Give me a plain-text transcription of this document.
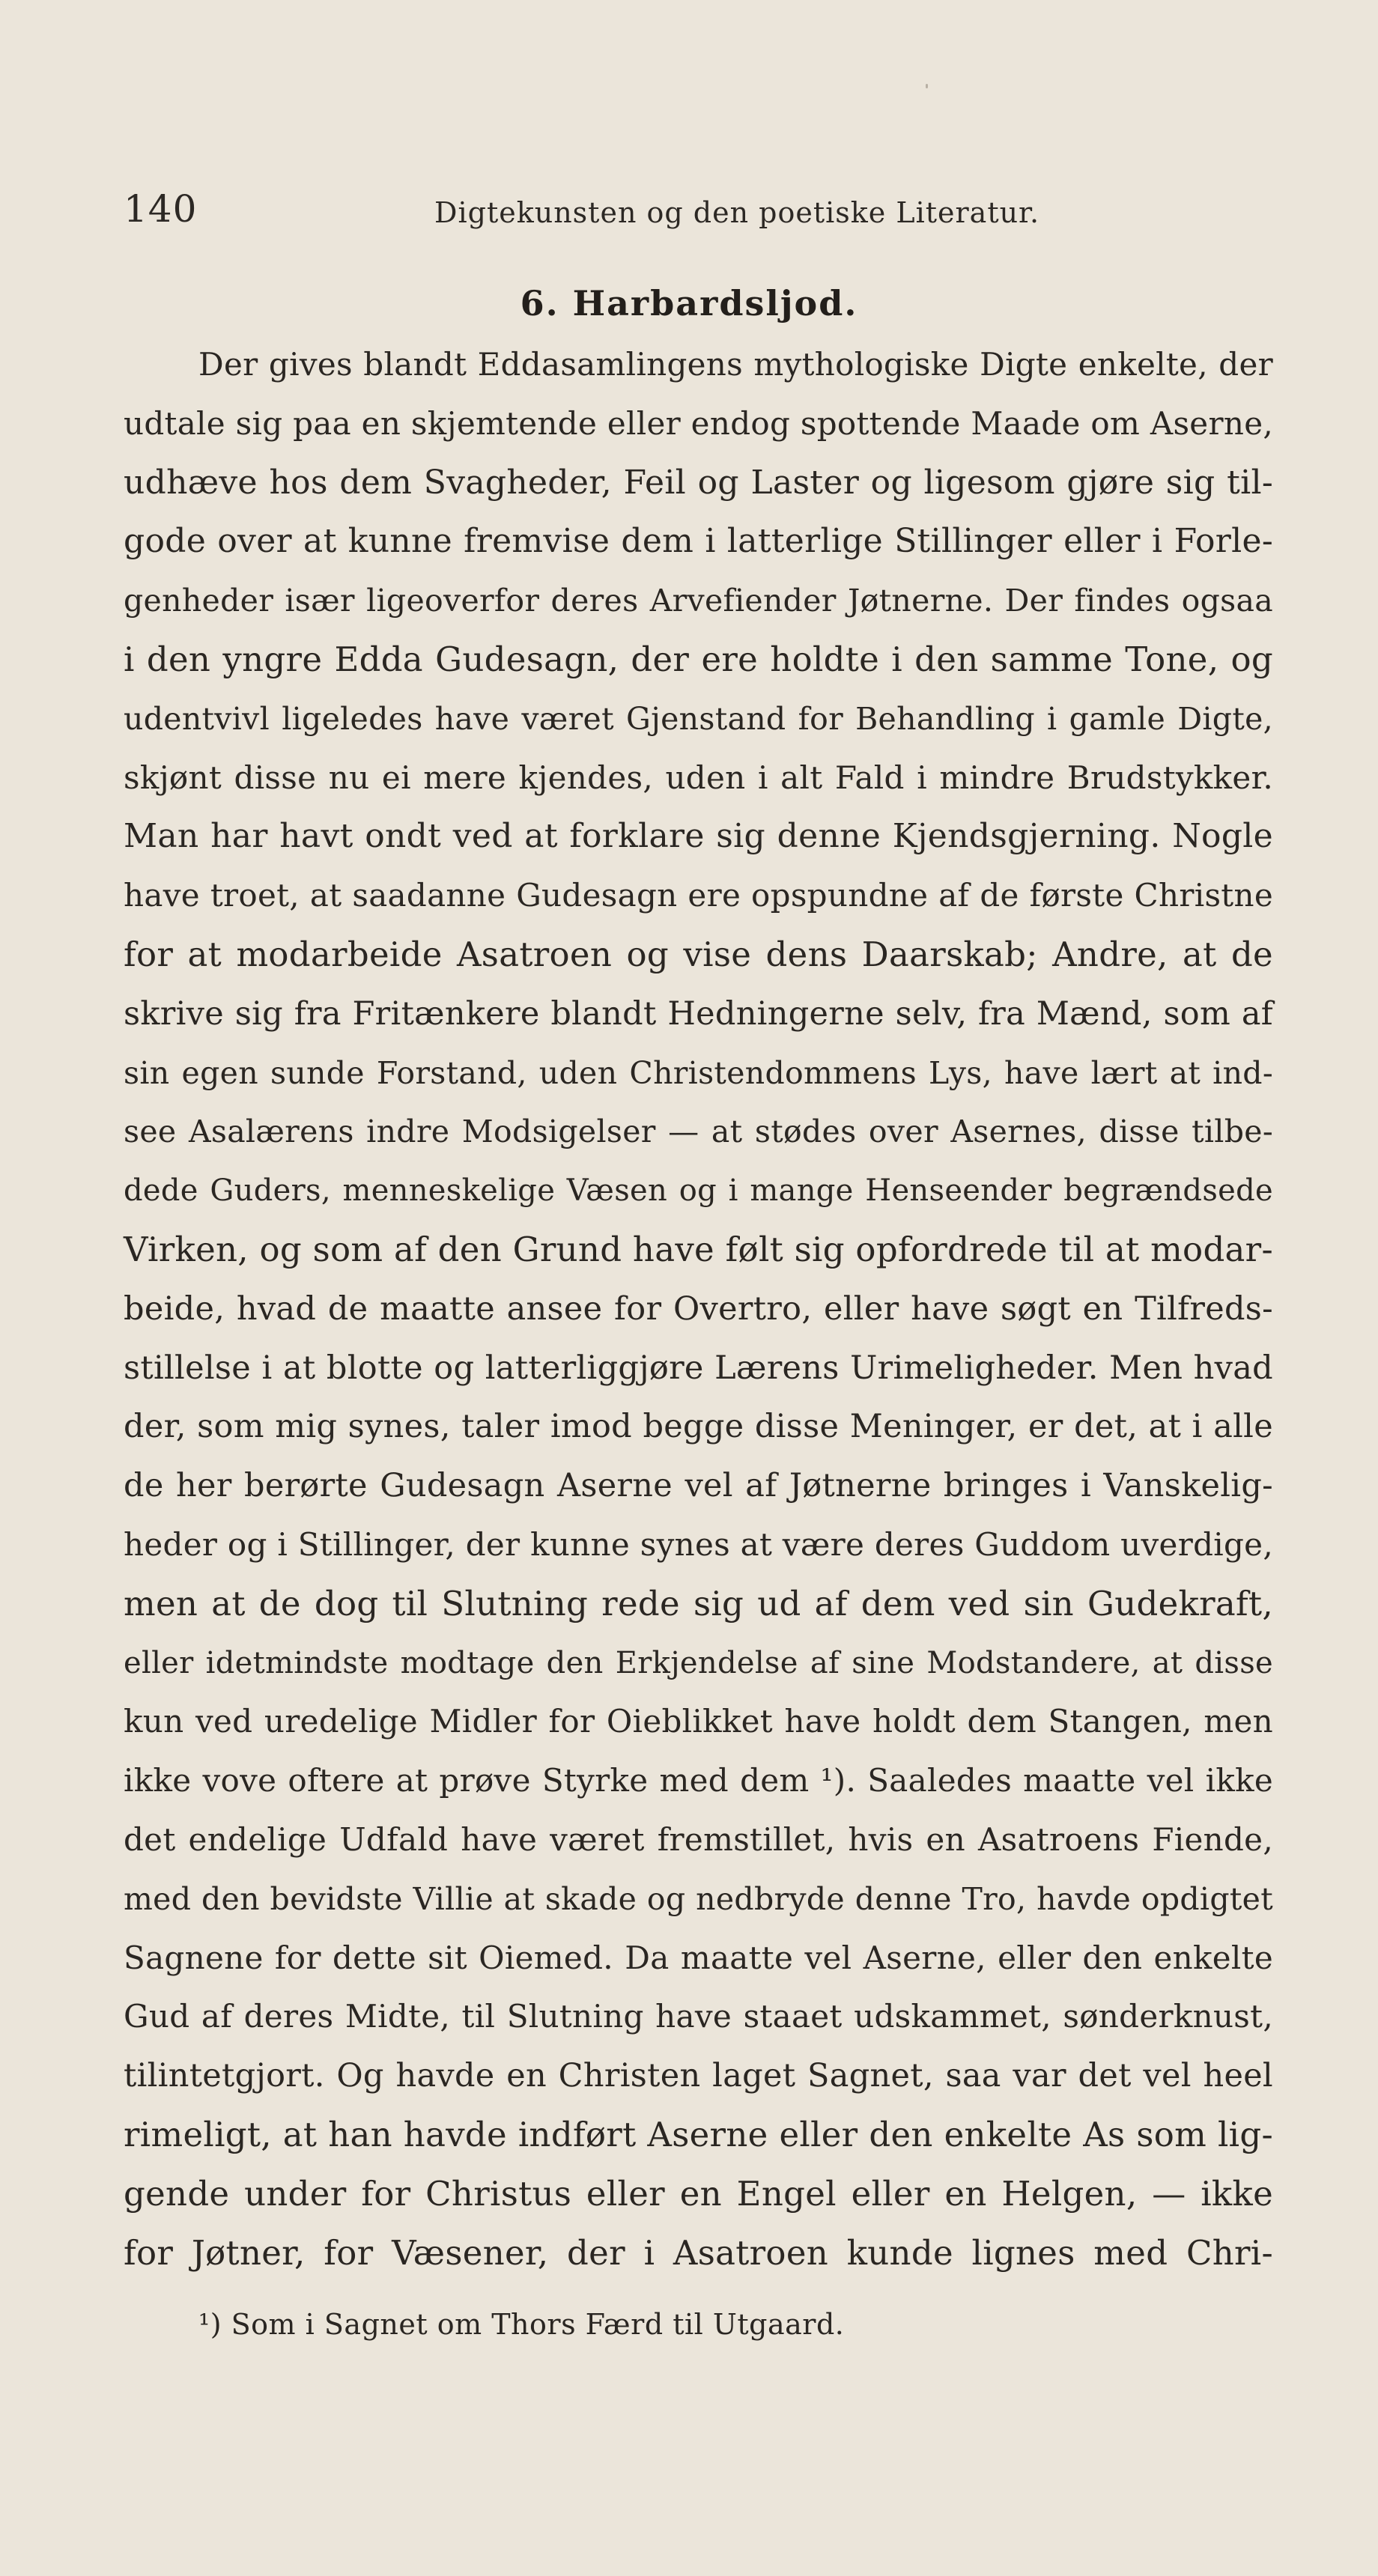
140	Digtekunsten og den poetiske Literatur.
6. Harbardsljod.
Der gives blandt Eddasamlingens mythologiske Digte enkelte, der
udtale sig paa en skjemtende eller endog spottende Maade om Aserne,
udhæve hos dem Svagheder, Feil og Laster og ligesom gjøre sig til-
gode over at kunne fremvise dem i latterlige Stillinger eller i Forle-
genheder især ligeoverfor deres Arvefiender Jøtnerne. Der findes ogsaa
i den yngre Edda Gudesagn, der ere holdte i den samme Tone, og
udentvivl ligeledes have været Gjenstand for Behandling i gamle Digte,
skjønt disse nu ei mere kjendes, uden i alt Fald i mindre Brudstykker.
Man har havt ondt ved at forklare sig denne Kjendsgjerning. Nogle
have troet, at saadanne Gudesagn ere opspundne af de første Christne
for at modarbeide Asatroen og vise dens Daarskab; Andre, at de
skrive sig fra Fritænkere blandt Hedningerne selv, fra Mænd, som af
sin egen sunde Forstand, uden Christendommens Lys, have lært at ind-
see Asalærens indre Modsigelser — at stødes over Asernes, disse tilbe-
dede Guders, menneskelige Væsen og i mange Henseender begrændsede
Virken, og som af den Grund have følt sig opfordrede til at modar-
beide, hvad de maatte ansee for Overtro, eller have søgt en Tilfreds-
stillelse i at blotte og latterliggjøre Lærens Urimeligheder. Men hvad
der, som mig synes, taler imod begge disse Meninger, er det, at i alle
de her berørte Gudesagn Aserne vel af Jøtnerne bringes i Vanskelig-
heder og i Stillinger, der kunne synes at være deres Guddom uverdige,
men at de dog til Slutning rede sig ud af dem ved sin Gudekraft,
eller idetmindste modtage den Erkjendelse af sine Modstandere, at disse
kun ved uredelige Midler for Oieblikket have holdt dem Stangen, men
ikke vove oftere at prøve Styrke med dem ¹). Saaledes maatte vel ikke
det endelige Udfald have været fremstillet, hvis en Asatroens Fiende,
med den bevidste Villie at skade og nedbryde denne Tro, havde opdigtet
Sagnene for dette sit Oiemed. Da maatte vel Aserne, eller den enkelte
Gud af deres Midte, til Slutning have staaet udskammet, sønderknust,
tilintetgjort. Og havde en Christen laget Sagnet, saa var det vel heel
rimeligt, at han havde indført Aserne eller den enkelte As som lig-
gende under for Christus eller en Engel eller en Helgen, — ikke
for Jøtner, for Væsener, der i Asatroen kunde lignes med Chri-
¹) Som i Sagnet om Thors Færd til Utgaard.
